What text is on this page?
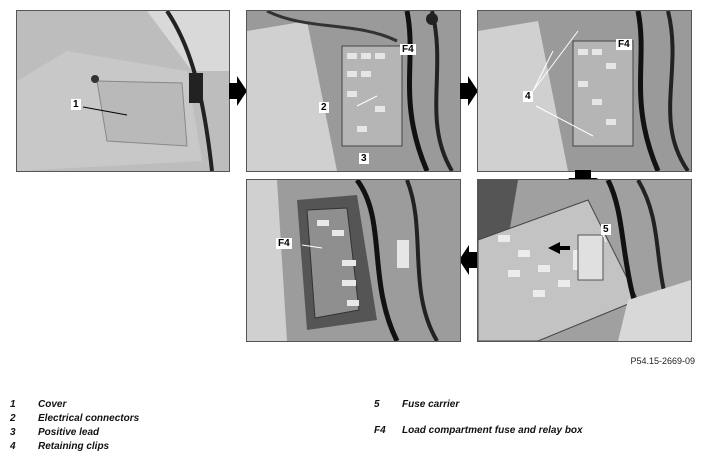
1
F4
2
3
F4
4
5
F4
P54.15-2669-09
1 Cover
2 Electrical connectors
3 Positive lead
4 Retaining clips
5 Fuse carrier
F4 Load compartment fuse and relay box
